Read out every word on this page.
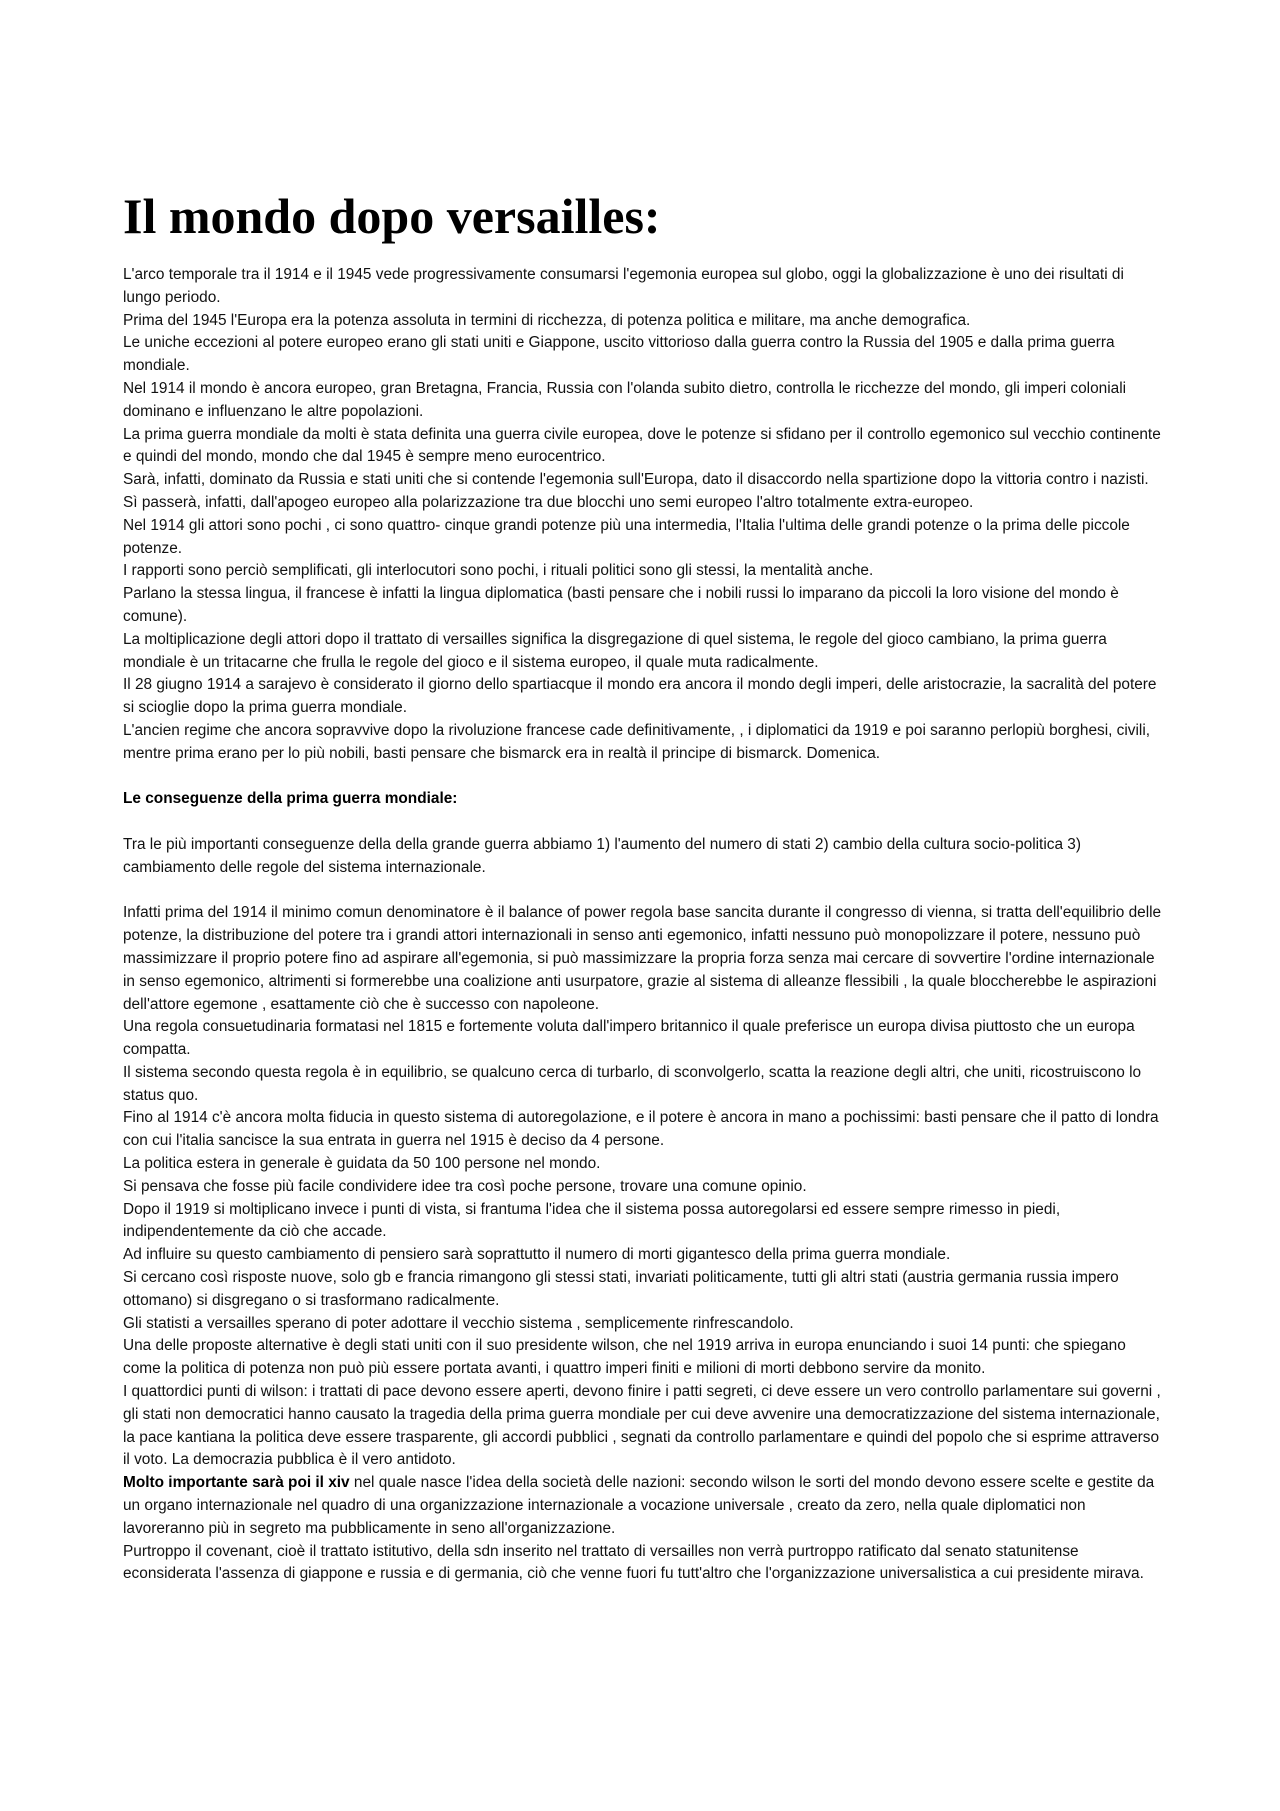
Il mondo dopo versailles:

L'arco temporale tra il 1914 e il 1945 vede progressivamente consumarsi l'egemonia europea sul globo, oggi la globalizzazione è uno dei risultati di lungo periodo.

Prima del 1945 l'Europa era la potenza assoluta in termini di ricchezza, di potenza politica e militare, ma anche demografica.

Le uniche eccezioni al potere europeo erano gli stati uniti e Giappone, uscito vittorioso dalla guerra contro la Russia del 1905 e dalla prima guerra mondiale.

Nel 1914 il mondo è ancora europeo, gran Bretagna, Francia, Russia con l'olanda subito dietro, controlla le ricchezze del mondo, gli imperi coloniali dominano e influenzano le altre popolazioni.

La prima guerra mondiale da molti è stata definita una guerra civile europea, dove le potenze si sfidano per il controllo egemonico sul vecchio continente e quindi del mondo, mondo che dal 1945 è sempre meno eurocentrico.

Sarà, infatti, dominato da Russia e stati uniti che si contende l'egemonia sull'Europa, dato il disaccordo nella spartizione dopo la vittoria contro i nazisti. Sì passerà, infatti, dall'apogeo europeo alla polarizzazione tra due blocchi uno semi europeo l'altro totalmente extra-europeo.

Nel 1914 gli attori sono pochi , ci sono quattro- cinque grandi potenze più una intermedia, l'Italia l'ultima delle grandi potenze o la prima delle piccole potenze.

I rapporti sono perciò semplificati, gli interlocutori sono pochi, i rituali politici sono gli stessi, la mentalità anche.

Parlano la stessa lingua, il francese è infatti la lingua diplomatica (basti pensare che i nobili russi lo imparano da piccoli la loro visione del mondo è comune).

La moltiplicazione degli attori dopo il trattato di versailles significa la disgregazione di quel sistema, le regole del gioco cambiano, la prima guerra mondiale è un tritacarne che frulla le regole del gioco e il sistema europeo, il quale muta radicalmente.

Il 28 giugno 1914 a sarajevo è considerato il giorno dello spartiacque il mondo era ancora il mondo degli imperi, delle aristocrazie, la sacralità del potere si scioglie dopo la prima guerra mondiale.

L'ancien regime che ancora sopravvive dopo la rivoluzione francese cade definitivamente, , i diplomatici da 1919 e poi saranno perlopiù borghesi, civili, mentre prima erano per lo più nobili, basti pensare che bismarck era in realtà il principe di bismarck. Domenica.

Le conseguenze della prima guerra mondiale:

Tra le più importanti conseguenze della della grande guerra abbiamo 1) l'aumento del numero di stati 2) cambio della cultura socio-politica 3) cambiamento delle regole del sistema internazionale.

Infatti prima del 1914 il minimo comun denominatore è il balance of power regola base sancita durante il congresso di vienna, si tratta dell'equilibrio delle potenze, la distribuzione del potere tra i grandi attori internazionali in senso anti egemonico, infatti nessuno può monopolizzare il potere, nessuno può massimizzare il proprio potere fino ad aspirare all'egemonia, si può massimizzare la propria forza senza mai cercare di sovvertire l'ordine internazionale in senso egemonico, altrimenti si formerebbe una coalizione anti usurpatore, grazie al sistema di alleanze flessibili , la quale bloccherebbe le aspirazioni dell'attore egemone , esattamente ciò che è successo con napoleone.

Una regola consuetudinaria formatasi nel 1815 e fortemente voluta dall'impero britannico il quale preferisce un europa divisa piuttosto che un europa compatta.

Il sistema secondo questa regola è in equilibrio, se qualcuno cerca di turbarlo, di sconvolgerlo, scatta la reazione degli altri, che uniti, ricostruiscono lo status quo.

Fino al 1914 c'è ancora molta fiducia in questo sistema di autoregolazione, e il potere è ancora in mano a pochissimi: basti pensare che il patto di londra con cui l'italia sancisce la sua entrata in guerra nel 1915 è deciso da 4 persone.

La politica estera in generale è guidata da 50 100 persone nel mondo.

Si pensava che fosse più facile condividere idee tra così poche persone, trovare una comune opinio.

Dopo il 1919 si moltiplicano invece i punti di vista, si frantuma l'idea che il sistema possa autoregolarsi ed essere sempre rimesso in piedi, indipendentemente da ciò che accade.

Ad influire su questo cambiamento di pensiero sarà soprattutto il numero di morti gigantesco della prima guerra mondiale.

Si cercano così risposte nuove, solo gb e francia rimangono gli stessi stati, invariati politicamente, tutti gli altri stati (austria germania russia impero ottomano) si disgregano o si trasformano radicalmente.

Gli statisti a versailles sperano di poter adottare il vecchio sistema , semplicemente rinfrescandolo.

Una delle proposte alternative è degli stati uniti con il suo presidente wilson, che nel 1919 arriva in europa enunciando i suoi 14 punti: che spiegano come la politica di potenza non può più essere portata avanti, i quattro imperi finiti e milioni di morti debbono servire da monito.

I quattordici punti di wilson: i trattati di pace devono essere aperti, devono finire i patti segreti, ci deve essere un vero controllo parlamentare sui governi , gli stati non democratici hanno causato la tragedia della prima guerra mondiale per cui deve avvenire una democratizzazione del sistema internazionale, la pace kantiana la politica deve essere trasparente, gli accordi pubblici , segnati da controllo parlamentare e quindi del popolo che si esprime attraverso il voto. La democrazia pubblica è il vero antidoto.

Molto importante sarà poi il xiv nel quale nasce l'idea della società delle nazioni: secondo wilson le sorti del mondo devono essere scelte e gestite da un organo internazionale nel quadro di una organizzazione internazionale a vocazione universale , creato da zero, nella quale diplomatici non lavoreranno più in segreto ma pubblicamente in seno all'organizzazione.

Purtroppo il covenant, cioè il trattato istitutivo, della sdn inserito nel trattato di versailles non verrà purtroppo ratificato dal senato statunitense econsiderata l'assenza di giappone e russia e di germania, ciò che venne fuori fu tutt'altro che l'organizzazione universalistica a cui presidente mirava.
